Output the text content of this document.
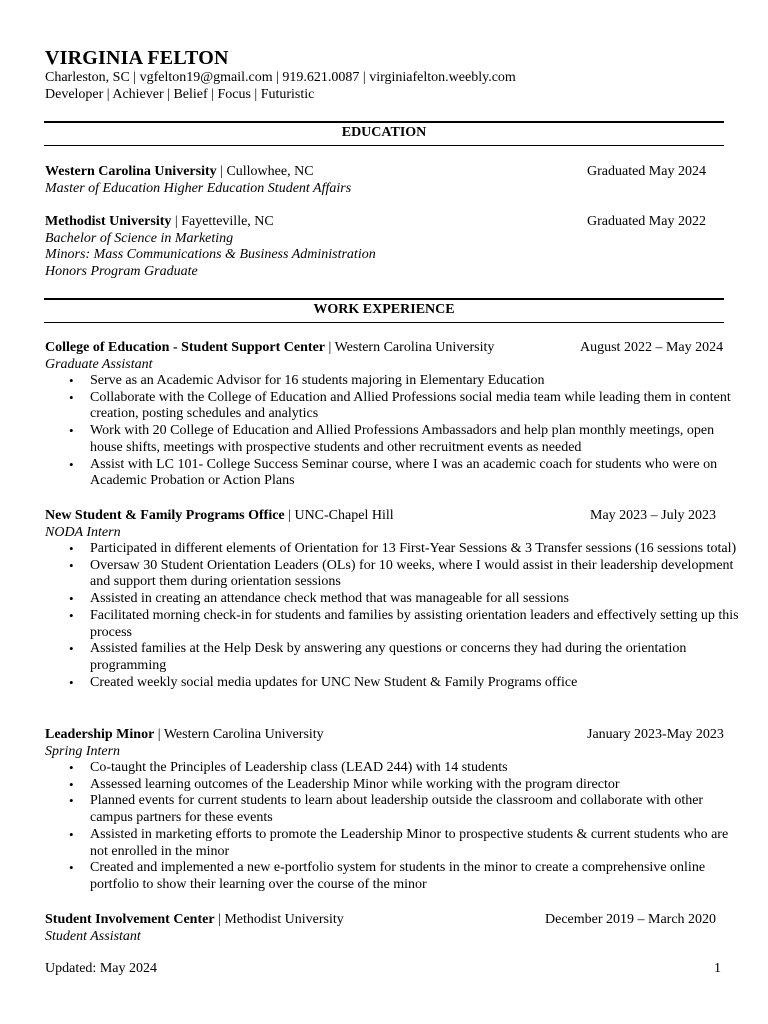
VIRGINIA FELTON
Charleston, SC | vgfelton19@gmail.com | 919.621.0087 | virginiafelton.weebly.com
Developer | Achiever | Belief | Focus | Futuristic
EDUCATION
Western Carolina University | Cullowhee, NC	Graduated May 2024
Master of Education Higher Education Student Affairs
Methodist University | Fayetteville, NC	Graduated May 2022
Bachelor of Science in Marketing
Minors: Mass Communications & Business Administration
Honors Program Graduate
WORK EXPERIENCE
College of Education - Student Support Center | Western Carolina University	August 2022 – May 2024
Graduate Assistant
• Serve as an Academic Advisor for 16 students majoring in Elementary Education
• Collaborate with the College of Education and Allied Professions social media team while leading them in content creation, posting schedules and analytics
• Work with 20 College of Education and Allied Professions Ambassadors and help plan monthly meetings, open house shifts, meetings with prospective students and other recruitment events as needed
• Assist with LC 101- College Success Seminar course, where I was an academic coach for students who were on Academic Probation or Action Plans
New Student & Family Programs Office | UNC-Chapel Hill	May 2023 – July 2023
NODA Intern
• Participated in different elements of Orientation for 13 First-Year Sessions & 3 Transfer sessions (16 sessions total)
• Oversaw 30 Student Orientation Leaders (OLs) for 10 weeks, where I would assist in their leadership development and support them during orientation sessions
• Assisted in creating an attendance check method that was manageable for all sessions
• Facilitated morning check-in for students and families by assisting orientation leaders and effectively setting up this process
• Assisted families at the Help Desk by answering any questions or concerns they had during the orientation programming
• Created weekly social media updates for UNC New Student & Family Programs office
Leadership Minor | Western Carolina University	January 2023-May 2023
Spring Intern
• Co-taught the Principles of Leadership class (LEAD 244) with 14 students
• Assessed learning outcomes of the Leadership Minor while working with the program director
• Planned events for current students to learn about leadership outside the classroom and collaborate with other campus partners for these events
• Assisted in marketing efforts to promote the Leadership Minor to prospective students & current students who are not enrolled in the minor
• Created and implemented a new e-portfolio system for students in the minor to create a comprehensive online portfolio to show their learning over the course of the minor
Student Involvement Center | Methodist University	December 2019 – March 2020
Student Assistant
Updated: May 2024	1
